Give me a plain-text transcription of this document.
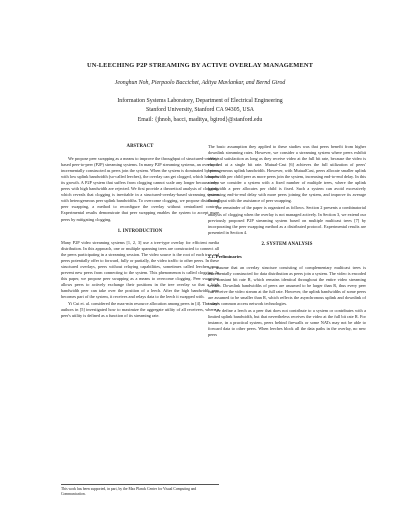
UN-LEECHING P2P STREAMING BY ACTIVE OVERLAY MANAGEMENT
Jeonghun Noh, Pierpaolo Baccichet, Aditya Mavlankar, and Bernd Girod
Information Systems Laboratory, Department of Electrical Engineering
Stanford University, Stanford CA 94305, USA
Email: {jhnoh, bacci, maditya, bgirod}@stanford.edu
ABSTRACT

We propose peer swapping as a means to improve the throughput of structured-overlay-based peer-to-peer (P2P) streaming systems. In many P2P streaming systems, an overlay is incrementally constructed as peers join the system. When the system is dominated by peers with low uplink bandwidth (so-called leeches), the overlay can get clogged, which hampers its growth. A P2P system that suffers from clogging cannot scale any longer because even peers with high bandwidth are rejected. We first provide a theoretical analysis of clogging, which reveals that clogging is inevitable in a structured-overlay-based streaming system with heterogeneous peer uplink bandwidths. To overcome clogging, we propose distributed peer swapping, a method to reconfigure the overlay without centralized control. Experimental results demonstrate that peer swapping enables the system to accept more peers by mitigating clogging.

1. INTRODUCTION

Many P2P video streaming systems [1, 2, 3] use a tree-type overlay for efficient media distribution. In this approach, one or multiple spanning trees are constructed to connect all the peers participating in a streaming session. The video source is the root of each tree and peers potentially offer to forward, fully or partially, the video traffic to other peers. In these structured overlays, peers without relaying capabilities, sometimes called leeches, may prevent new peers from connecting to the system. This phenomenon is called clogging. In this paper, we propose peer swapping as a means to overcome clogging. Peer swapping allows peers to actively exchange their positions in the tree overlay so that a high bandwidth peer can take over the position of a leech. After the high bandwidth peer becomes part of the system, it receives and relays data to the leech it swapped with.

Yi Cui et. al. considered the max-min resource allocation among peers in [4]. The same authors in [5] investigated how to maximize the aggregate utility of all receivers, where a peer's utility is defined as a function of its streaming rate.

This work has been supported, in part, by the Max Planck Center for Visual Computing and Communication.

The basic assumption they applied to these studies was that peers benefit from higher downlink streaming rates. However, we consider a streaming system where peers exhibit identical satisfaction as long as they receive video at the full bit rate, because the video is encoded at a single bit rate. Mutual-Cast [6] achieves the full utilization of peers' heterogeneous uplink bandwidth. However, with MutualCast, peers allocate smaller uplink bandwidth per child peer as more peers join the system, increasing end-to-end delay. In this study, we consider a system with a fixed number of multiple trees, where the uplink bandwidth a peer allocates per child is fixed. Such a system can avoid excessively increasing end-to-end delay with more peers joining the system, and improve its average throughput with the assistance of peer swapping.

The remainder of the paper is organized as follows. Section 2 presents a combinatorial analysis of clogging when the overlay is not managed actively. In Section 3, we extend our previously proposed P2P streaming system based on multiple multicast trees [7] by incorporating the peer swapping method as a distributed protocol. Experimental results are presented in Section 4.

2. SYSTEM ANALYSIS
2.1. Preliminaries

We assume that an overlay structure consisting of complementary multicast trees is incrementally constructed for data distribution as peers join a system. The video is encoded at a constant bit rate R, which remains identical throughout the entire video streaming session. Downlink bandwidths of peers are assumed to be larger than R, thus every peer can receive the video stream at the full rate. However, the uplink bandwidths of some peers are assumed to be smaller than R, which reflects the asynchronous uplink and downlink of today's common access network technologies.

We define a leech as a peer that does not contribute to a system or contributes with a limited uplink bandwidth, but that nevertheless receives the video at the full bit rate R. For instance, in a practical system, peers behind firewalls or some NATs may not be able to forward data to other peers. When leeches block all the data paths in the overlay, no new peers
